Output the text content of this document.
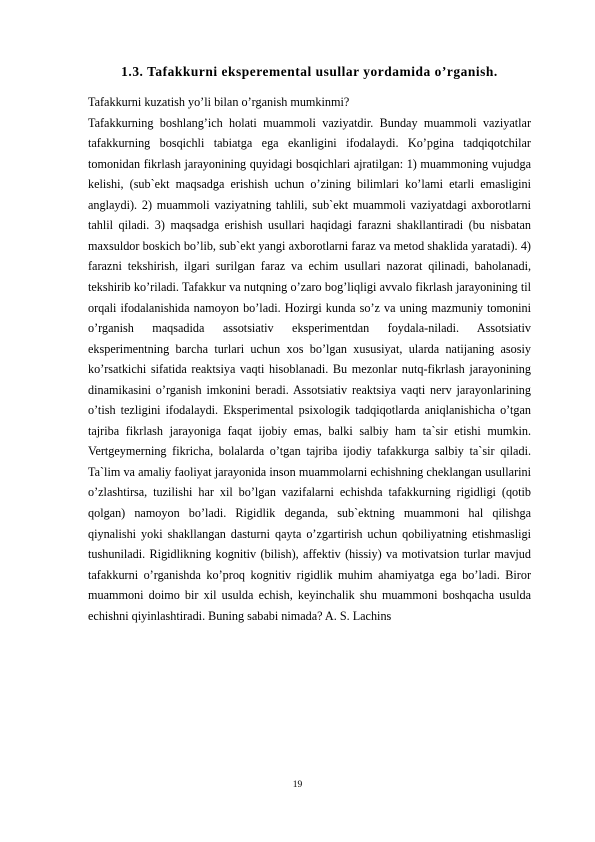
1.3. Tafakkurni eksperemental usullar yordamida o’rganish.

Tafakkurni kuzatish yo’li bilan o’rganish mumkinmi?

Tafakkurning boshlang’ich holati muammoli vaziyatdir. Bunday muammoli vaziyatlar tafakkurning bosqichli tabiatga ega ekanligini ifodalaydi. Ko’pgina tadqiqotchilar tomonidan fikrlash jarayonining quyidagi bosqichlari ajratilgan: 1) muammoning vujudga kelishi, (sub`ekt maqsadga erishish uchun o’zining bilimlari ko’lami etarli emasligini anglaydi). 2) muammoli vaziyatning tahlili, sub`ekt muammoli vaziyatdagi axborotlarni tahlil qiladi. 3) maqsadga erishish usullari haqidagi farazni shakllantiradi (bu nisbatan maxsuldor boskich bo’lib, sub`ekt yangi axborotlarni faraz va metod shaklida yaratadi). 4) farazni tekshirish, ilgari surilgan faraz va echim usullari nazorat qilinadi, baholanadi, tekshirib ko’riladi. Tafakkur va nutqning o’zaro bog’liqligi avvalo fikrlash jarayonining til orqali ifodalanishida namoyon bo’ladi. Hozirgi kunda so’z va uning mazmuniy tomonini o’rganish maqsadida assotsiativ eksperimentdan foydala-niladi. Assotsiativ eksperimentning barcha turlari uchun xos bo’lgan xususiyat, ularda natijaning asosiy ko’rsatkichi sifatida reaktsiya vaqti hisoblanadi. Bu mezonlar nutq-fikrlash jarayonining dinamikasini o’rganish imkonini beradi. Assotsiativ reaktsiya vaqti nerv jarayonlarining o’tish tezligini ifodalaydi. Eksperimental psixologik tadqiqotlarda aniqlanishicha o’tgan tajriba fikrlash jarayoniga faqat ijobiy emas, balki salbiy ham ta`sir etishi mumkin. Vertgeymerning fikricha, bolalarda o’tgan tajriba ijodiy tafakkurga salbiy ta`sir qiladi. Ta`lim va amaliy faoliyat jarayonida inson muammolarni echishning cheklangan usullarini o’zlashtirsa, tuzilishi har xil bo’lgan vazifalarni echishda tafakkurning rigidligi (qotib qolgan) namoyon bo’ladi. Rigidlik deganda, sub`ektning muammoni hal qilishga qiynalishi yoki shakllangan dasturni qayta o’zgartirish uchun qobiliyatning etishmasligi tushuniladi. Rigidlikning kognitiv (bilish), affektiv (hissiy) va motivatsion turlar mavjud tafakkurni o’rganishda ko’proq kognitiv rigidlik muhim ahamiyatga ega bo’ladi. Biror muammoni doimo bir xil usulda echish, keyinchalik shu muammoni boshqacha usulda echishni qiyinlashtiradi. Buning sababi nimada? A. S. Lachins

19
